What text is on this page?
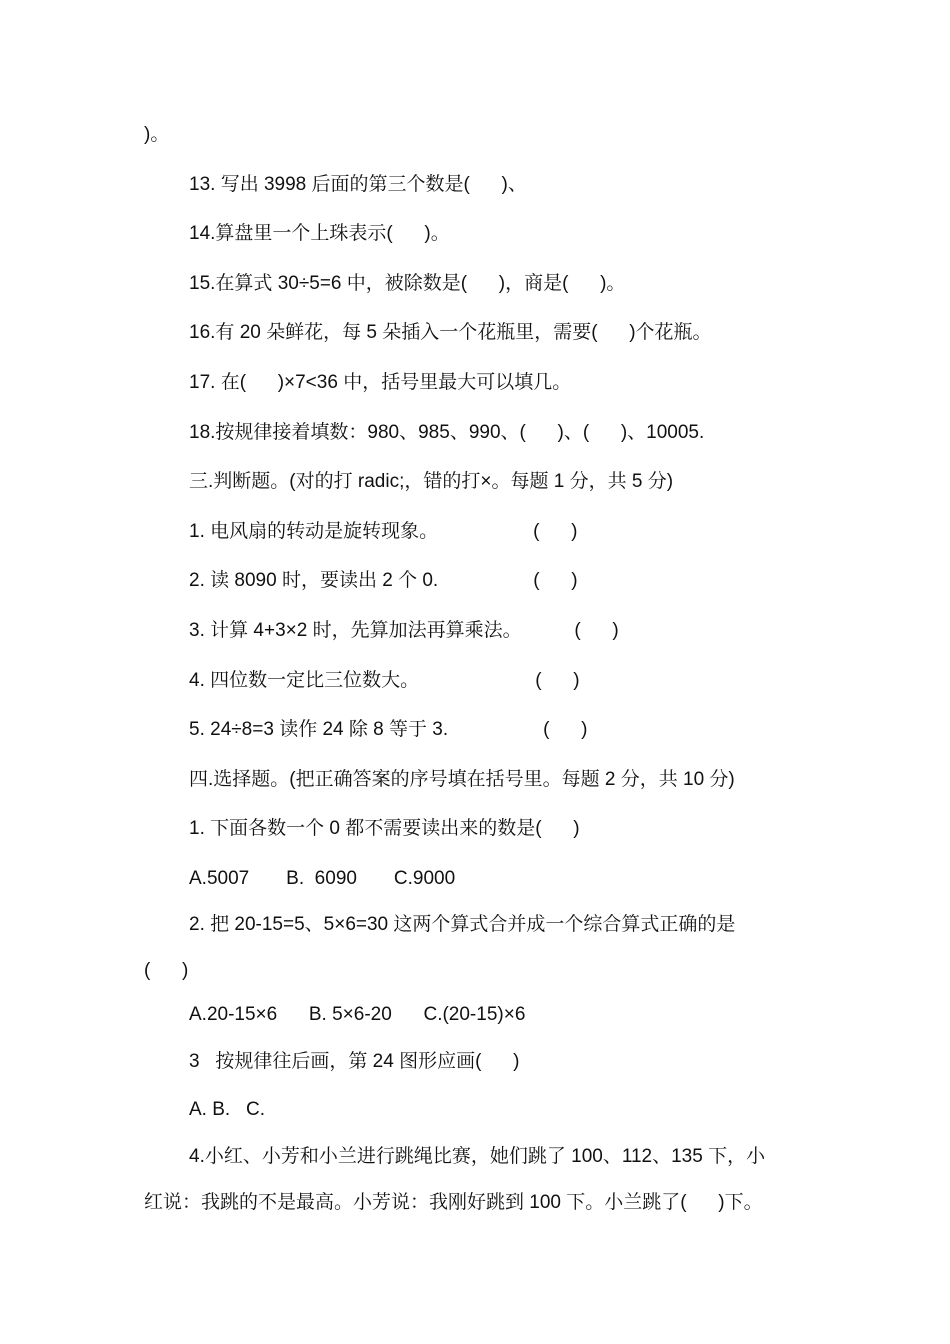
)。
13. 写出 3998 后面的第三个数是(      )、
14.算盘里一个上珠表示(      )。
15.在算式 30÷5=6 中，被除数是(      )，商是(      )。
16.有 20 朵鲜花，每 5 朵插入一个花瓶里，需要(      )个花瓶。
17. 在(      )×7<36 中，括号里最大可以填几。
18.按规律接着填数：980、985、990、(      )、(      )、10005.
三.判断题。(对的打 radic;，错的打×。每题 1 分，共 5 分)
1. 电风扇的转动是旋转现象。                  (      )
2. 读 8090 时，要读出 2 个 0.                  (      )
3. 计算 4+3×2 时，先算加法再算乘法。          (      )
4. 四位数一定比三位数大。                      (      )
5. 24÷8=3 读作 24 除 8 等于 3.                  (      )
四.选择题。(把正确答案的序号填在括号里。每题 2 分，共 10 分)
1. 下面各数一个 0 都不需要读出来的数是(      )
A.5007       B.  6090       C.9000
2. 把 20-15=5、5×6=30 这两个算式合并成一个综合算式正确的是
(      )
A.20-15×6      B. 5×6-20      C.(20-15)×6
3   按规律往后画，第 24 图形应画(      )
A. B.   C.
4.小红、小芳和小兰进行跳绳比赛，她们跳了 100、112、135 下，小
红说：我跳的不是最高。小芳说：我刚好跳到 100 下。小兰跳了(      )下。
